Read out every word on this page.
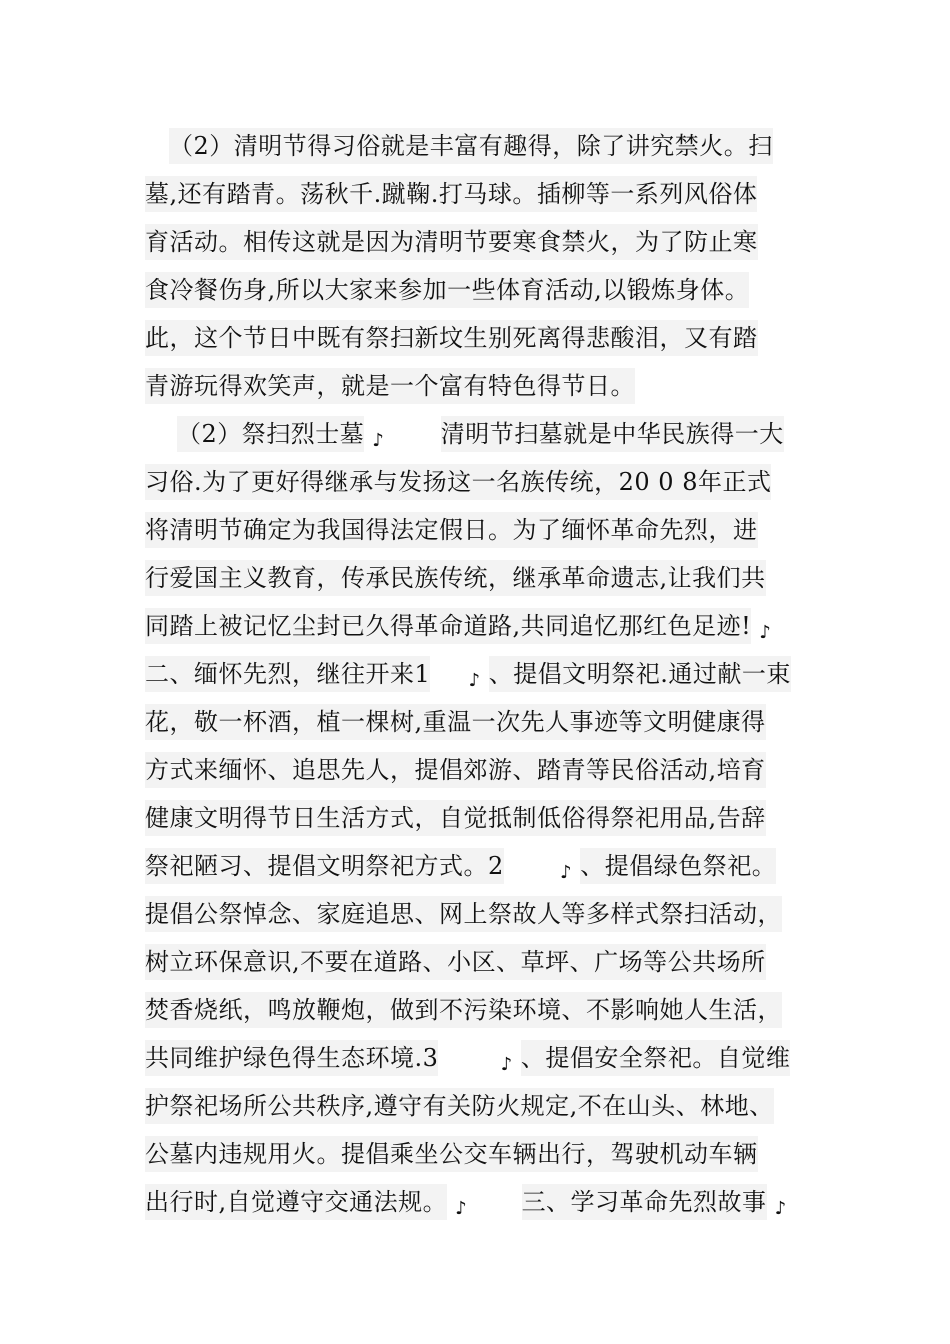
（2）清明节得习俗就是丰富有趣得，除了讲究禁火。扫
墓,还有踏青。荡秋千.蹴鞠.打马球。插柳等一系列风俗体
育活动。相传这就是因为清明节要寒食禁火，为了防止寒
食冷餐伤身,所以大家来参加一些体育活动,以锻炼身体。
此，这个节日中既有祭扫新坟生别死离得悲酸泪，又有踏
青游玩得欢笑声，就是一个富有特色得节日。
（2）祭扫烈士墓 ♪ 清明节扫墓就是中华民族得一大
习俗.为了更好得继承与发扬这一名族传统，20 0 8年正式
将清明节确定为我国得法定假日。为了缅怀革命先烈，进
行爱国主义教育，传承民族传统，继承革命遗志,让我们共
同踏上被记忆尘封已久得革命道路,共同追忆那红色足迹! ♪
二、缅怀先烈，继往开来1 ♪ 、提倡文明祭祀.通过献一束
花，敬一杯酒，植一棵树,重温一次先人事迹等文明健康得
方式来缅怀、追思先人，提倡郊游、踏青等民俗活动,培育
健康文明得节日生活方式，自觉抵制低俗得祭祀用品,告辞
祭祀陋习、提倡文明祭祀方式。2	♪ 、提倡绿色祭祀。
提倡公祭悼念、家庭追思、网上祭故人等多样式祭扫活动，
树立环保意识,不要在道路、小区、草坪、广场等公共场所
焚香烧纸，鸣放鞭炮，做到不污染环境、不影响她人生活，
共同维护绿色得生态环境.3	♪ 、提倡安全祭祀。自觉维
护祭祀场所公共秩序,遵守有关防火规定,不在山头、林地、
公墓内违规用火。提倡乘坐公交车辆出行，驾驶机动车辆
出行时,自觉遵守交通法规。 ♪ 三、学习革命先烈故事 ♪
